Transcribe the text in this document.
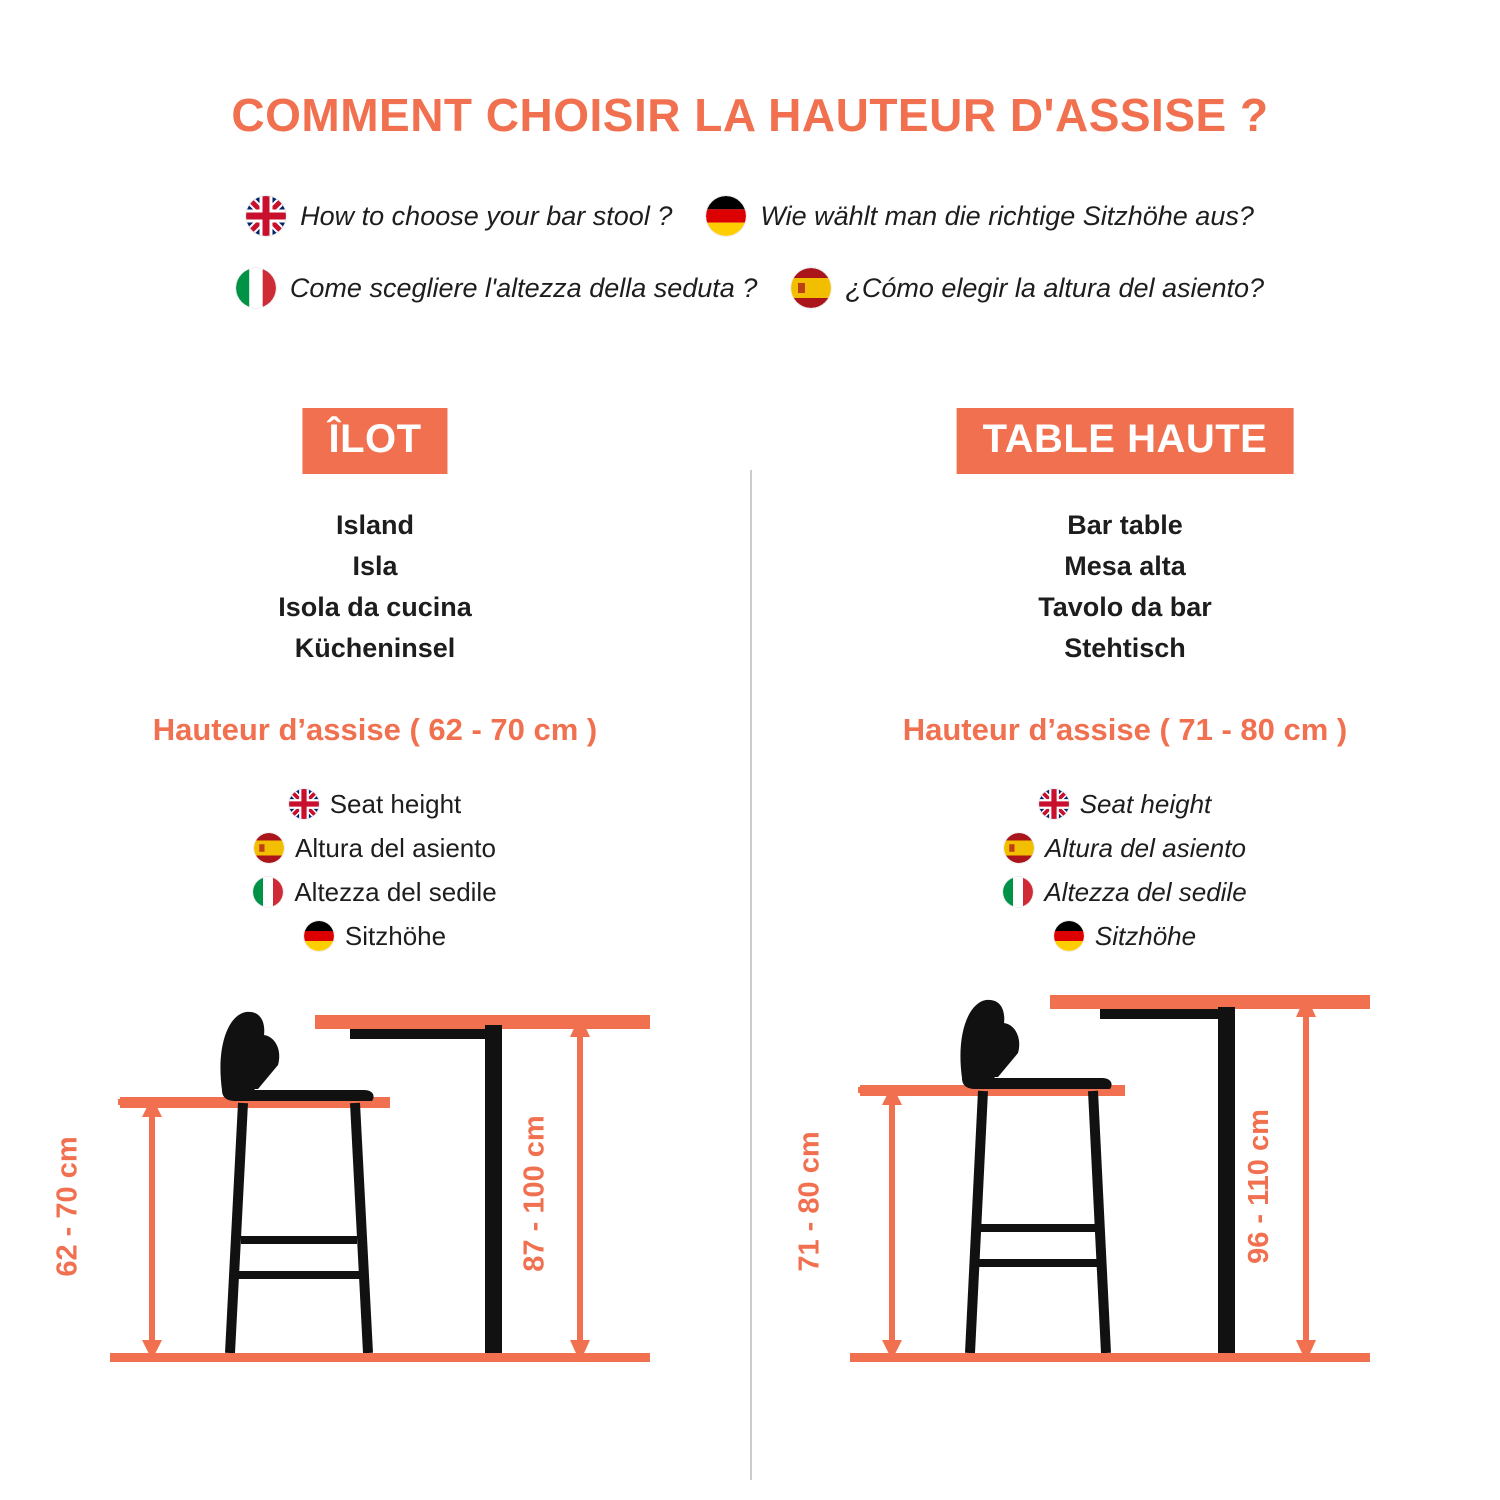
COMMENT CHOISIR LA HAUTEUR D'ASSISE ?
How to choose your bar stool ?	Wie wählt man die richtige Sitzhöhe aus?
Come scegliere l'altezza della seduta ?	¿Cómo elegir la altura del asiento?
ÎLOT
Island
Isla
Isola da cucina
Kücheninsel
Hauteur d’assise ( 62 - 70 cm )
Seat height
Altura del asiento
Altezza del sedile
Sitzhöhe
62 - 70 cm	87 - 100 cm
TABLE HAUTE
Bar table
Mesa alta
Tavolo da bar
Stehtisch
Hauteur d’assise ( 71 - 80 cm )
Seat height
Altura del asiento
Altezza del sedile
Sitzhöhe
71 - 80 cm	96 - 110 cm
